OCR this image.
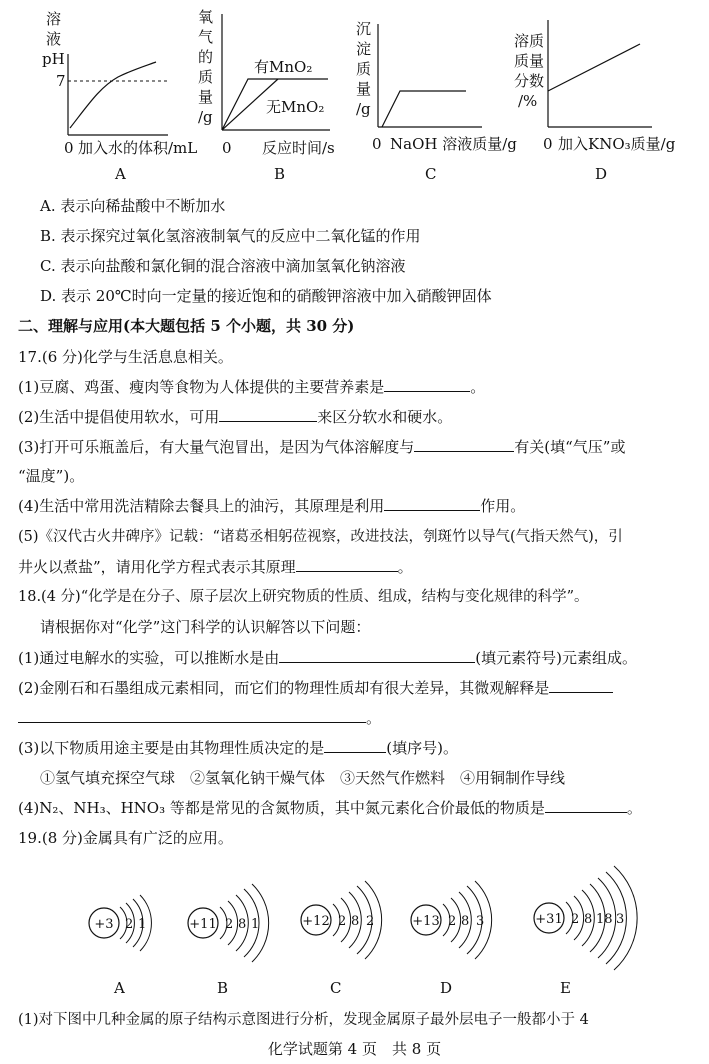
溶
液
pH
7
0 加入水的体积/mL
A
氧
气
的
质
量
/g
有MnO₂
无MnO₂
0 反应时间/s
B
沉
淀
质
量
/g
0 NaOH 溶液质量/g
C
溶质
质量
分数
/%
0 加入KNO₃质量/g
D
A. 表示向稀盐酸中不断加水
B. 表示探究过氧化氢溶液制氧气的反应中二氧化锰的作用
C. 表示向盐酸和氯化铜的混合溶液中滴加氢氧化钠溶液
D. 表示 20℃时向一定量的接近饱和的硝酸钾溶液中加入硝酸钾固体
二、理解与应用(本大题包括 5 个小题，共 30 分)
17.(6 分)化学与生活息息相关。
(1)豆腐、鸡蛋、瘦肉等食物为人体提供的主要营养素是	。
(2)生活中提倡使用软水，可用	来区分软水和硬水。
(3)打开可乐瓶盖后，有大量气泡冒出，是因为气体溶解度与	有关(填“气压”或
“温度”)。
(4)生活中常用洗洁精除去餐具上的油污，其原理是利用	作用。
(5)《汉代古火井碑序》记载：“诸葛丞相躬莅视察，改进技法，刳斑竹以导气(气指天然气)，引
井火以煮盐”，请用化学方程式表示其原理	。
18.(4 分)“化学是在分子、原子层次上研究物质的性质、组成，结构与变化规律的科学”。
请根据你对“化学”这门科学的认识解答以下问题：
(1)通过电解水的实验，可以推断水是由	(填元素符号)元素组成。
(2)金刚石和石墨组成元素相同，而它们的物理性质却有很大差异，其微观解释是
。
(3)以下物质用途主要是由其物理性质决定的是	(填序号)。
①氢气填充探空气球　②氢氧化钠干燥气体　③天然气作燃料　④用铜制作导线
(4)N₂、NH₃、HNO₃ 等都是常见的含氮物质，其中氮元素化合价最低的物质是	。
19.(8 分)金属具有广泛的应用。
+3 2 1
A
+11 2 8 1
B
+12 2 8 2
C
+13 2 8 3
D
+31 2 8 18 3
E
(1)对下图中几种金属的原子结构示意图进行分析，发现金属原子最外层电子一般都小于 4
化学试题第 4 页　共 8 页
